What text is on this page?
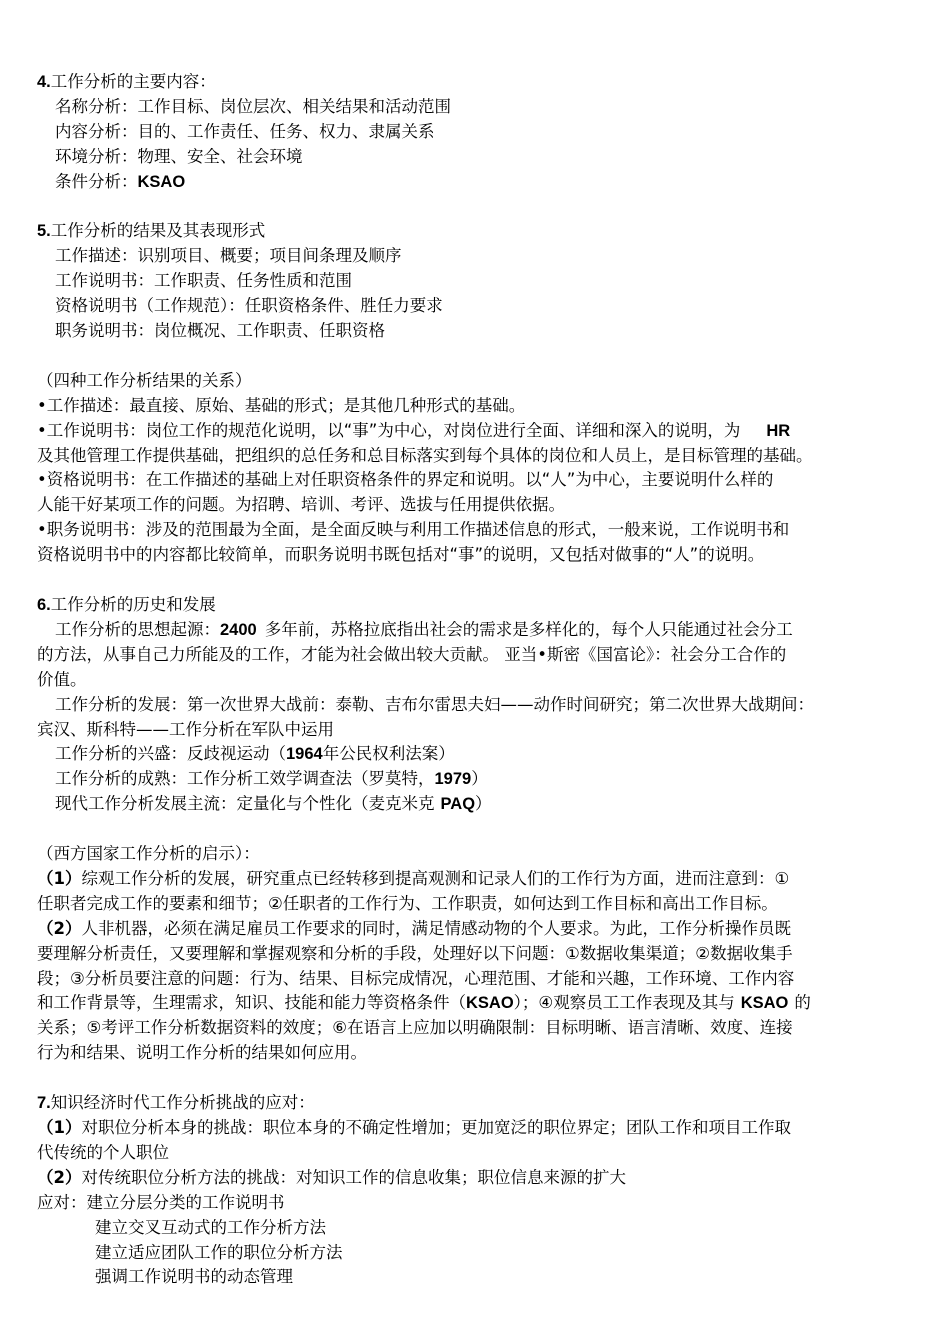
4.工作分析的主要内容：
名称分析：工作目标、岗位层次、相关结果和活动范围
内容分析：目的、工作责任、任务、权力、隶属关系
环境分析：物理、安全、社会环境
条件分析：KSAO
5.工作分析的结果及其表现形式
工作描述：识别项目、概要；项目间条理及顺序
工作说明书：工作职责、任务性质和范围
资格说明书（工作规范）：任职资格条件、胜任力要求
职务说明书：岗位概况、工作职责、任职资格
（四种工作分析结果的关系）
•工作描述：最直接、原始、基础的形式；是其他几种形式的基础。
•工作说明书：岗位工作的规范化说明，以“事”为中心，对岗位进行全面、详细和深入的说明，为 HR
及其他管理工作提供基础，把组织的总任务和总目标落实到每个具体的岗位和人员上，是目标管理的基础。
•资格说明书：在工作描述的基础上对任职资格条件的界定和说明。以“人”为中心，主要说明什么样的
人能干好某项工作的问题。为招聘、培训、考评、选拔与任用提供依据。
•职务说明书：涉及的范围最为全面，是全面反映与利用工作描述信息的形式，一般来说，工作说明书和
资格说明书中的内容都比较简单，而职务说明书既包括对“事”的说明，又包括对做事的“人”的说明。
6.工作分析的历史和发展
工作分析的思想起源：2400 多年前，苏格拉底指出社会的需求是多样化的，每个人只能通过社会分工
的方法，从事自己力所能及的工作，才能为社会做出较大贡献。 亚当•斯密《国富论》：社会分工合作的
价值。
工作分析的发展：第一次世界大战前：泰勒、吉布尔雷思夫妇——动作时间研究；第二次世界大战期间：
宾汉、斯科特——工作分析在军队中运用
工作分析的兴盛：反歧视运动（1964年公民权利法案）
工作分析的成熟：工作分析工效学调查法（罗莫特，1979）
现代工作分析发展主流：定量化与个性化（麦克米克 PAQ）
（西方国家工作分析的启示）：
（1）综观工作分析的发展，研究重点已经转移到提高观测和记录人们的工作行为方面，进而注意到：①
任职者完成工作的要素和细节；②任职者的工作行为、工作职责，如何达到工作目标和高出工作目标。
（2）人非机器，必须在满足雇员工作要求的同时，满足情感动物的个人要求。为此，工作分析操作员既
要理解分析责任，又要理解和掌握观察和分析的手段，处理好以下问题：①数据收集渠道；②数据收集手
段；③分析员要注意的问题：行为、结果、目标完成情况，心理范围、才能和兴趣，工作环境、工作内容
和工作背景等，生理需求，知识、技能和能力等资格条件（KSAO）；④观察员工工作表现及其与 KSAO 的
关系；⑤考评工作分析数据资料的效度；⑥在语言上应加以明确限制：目标明晰、语言清晰、效度、连接
行为和结果、说明工作分析的结果如何应用。
7.知识经济时代工作分析挑战的应对：
（1）对职位分析本身的挑战：职位本身的不确定性增加；更加宽泛的职位界定；团队工作和项目工作取
代传统的个人职位
（2）对传统职位分析方法的挑战：对知识工作的信息收集；职位信息来源的扩大
应对：建立分层分类的工作说明书
建立交叉互动式的工作分析方法
建立适应团队工作的职位分析方法
强调工作说明书的动态管理
